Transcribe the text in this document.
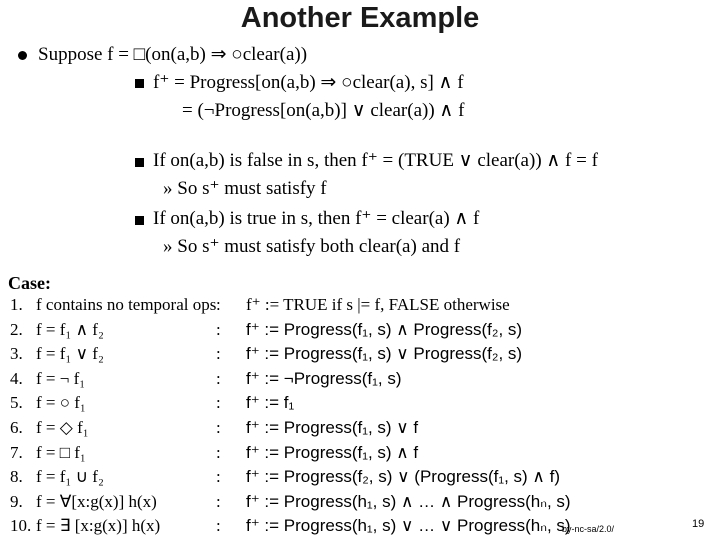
Another Example
Suppose f = □(on(a,b) ⇒ ○clear(a))
f⁺ = Progress[on(a,b) ⇒ ○clear(a), s] ∧ f
= (¬Progress[on(a,b)] ∨ clear(a)) ∧ f
If on(a,b) is false in s, then f⁺ = (TRUE ∨ clear(a)) ∧ f = f
» So s⁺ must satisfy f
If on(a,b) is true in s, then f⁺ = clear(a) ∧ f
» So s⁺ must satisfy both clear(a) and f
Case:
1. f contains no temporal ops : f⁺ := TRUE if s |= f, FALSE otherwise
2. f = f₁ ∧ f₂	: f⁺ := Progress(f₁, s) ∧ Progress(f₂, s)
3. f = f₁ ∨ f₂	: f⁺ := Progress(f₁, s) ∨ Progress(f₂, s)
4. f = ¬ f₁	: f⁺ := ¬Progress(f₁, s)
5. f = ○ f₁	: f⁺ := f₁
6. f = ◇ f₁	: f⁺ := Progress(f₁, s) ∨ f
7. f = □ f₁	: f⁺ := Progress(f₁, s) ∧ f
8. f = f₁ ∪ f₂	: f⁺ := Progress(f₂, s) ∨ (Progress(f₁, s) ∧ f)
9. f = ∀[x:g(x)] h(x)	: f⁺ := Progress(h₁, s) ∧ … ∧ Progress(hₙ, s)
10. f = ∃ [x:g(x)] h(x)	: f⁺ := Progress(h₁, s) ∨ … ∨ Progress(hₙ, s)
by-nc-sa/2.0/	19
